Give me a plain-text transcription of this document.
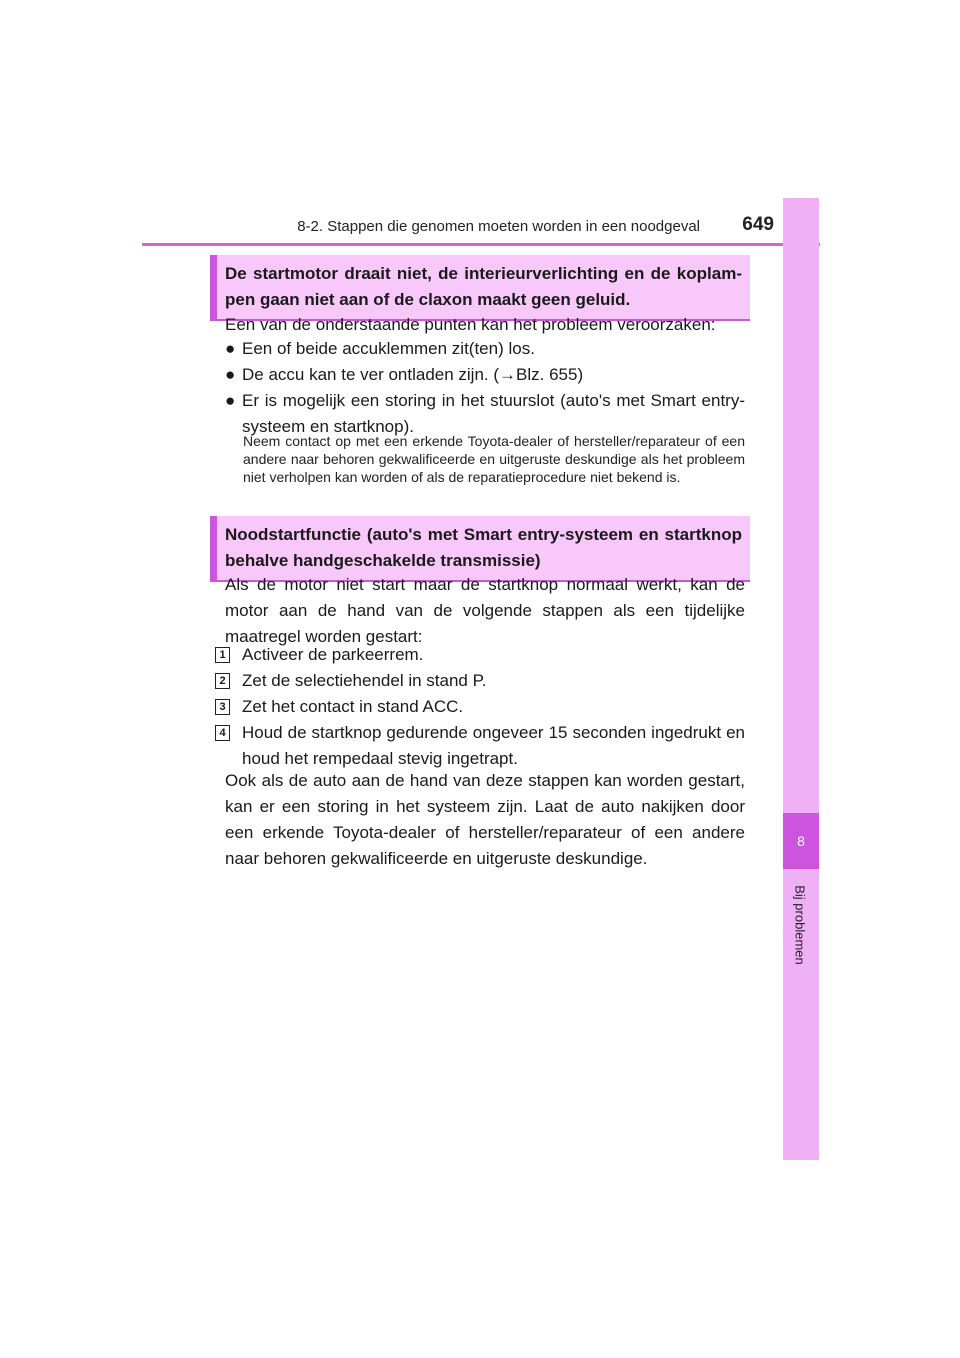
8-2. Stappen die genomen moeten worden in een noodgeval	649
8
Bij problemen
De startmotor draait niet, de interieurverlichting en de koplam-pen gaan niet aan of de claxon maakt geen geluid.
Een van de onderstaande punten kan het probleem veroorzaken:
● Een of beide accuklemmen zit(ten) los.
● De accu kan te ver ontladen zijn. (→Blz. 655)
● Er is mogelijk een storing in het stuurslot (auto's met Smart entry-systeem en startknop).
Neem contact op met een erkende Toyota-dealer of hersteller/reparateur of een andere naar behoren gekwalificeerde en uitgeruste deskundige als het probleem niet verholpen kan worden of als de reparatieprocedure niet bekend is.
Noodstartfunctie (auto's met Smart entry-systeem en startknop behalve handgeschakelde transmissie)
Als de motor niet start maar de startknop normaal werkt, kan de motor aan de hand van de volgende stappen als een tijdelijke maatregel worden gestart:
1 Activeer de parkeerrem.
2 Zet de selectiehendel in stand P.
3 Zet het contact in stand ACC.
4 Houd de startknop gedurende ongeveer 15 seconden ingedrukt en houd het rempedaal stevig ingetrapt.
Ook als de auto aan de hand van deze stappen kan worden gestart, kan er een storing in het systeem zijn. Laat de auto nakijken door een erkende Toyota-dealer of hersteller/reparateur of een andere naar behoren gekwalificeerde en uitgeruste deskundige.
